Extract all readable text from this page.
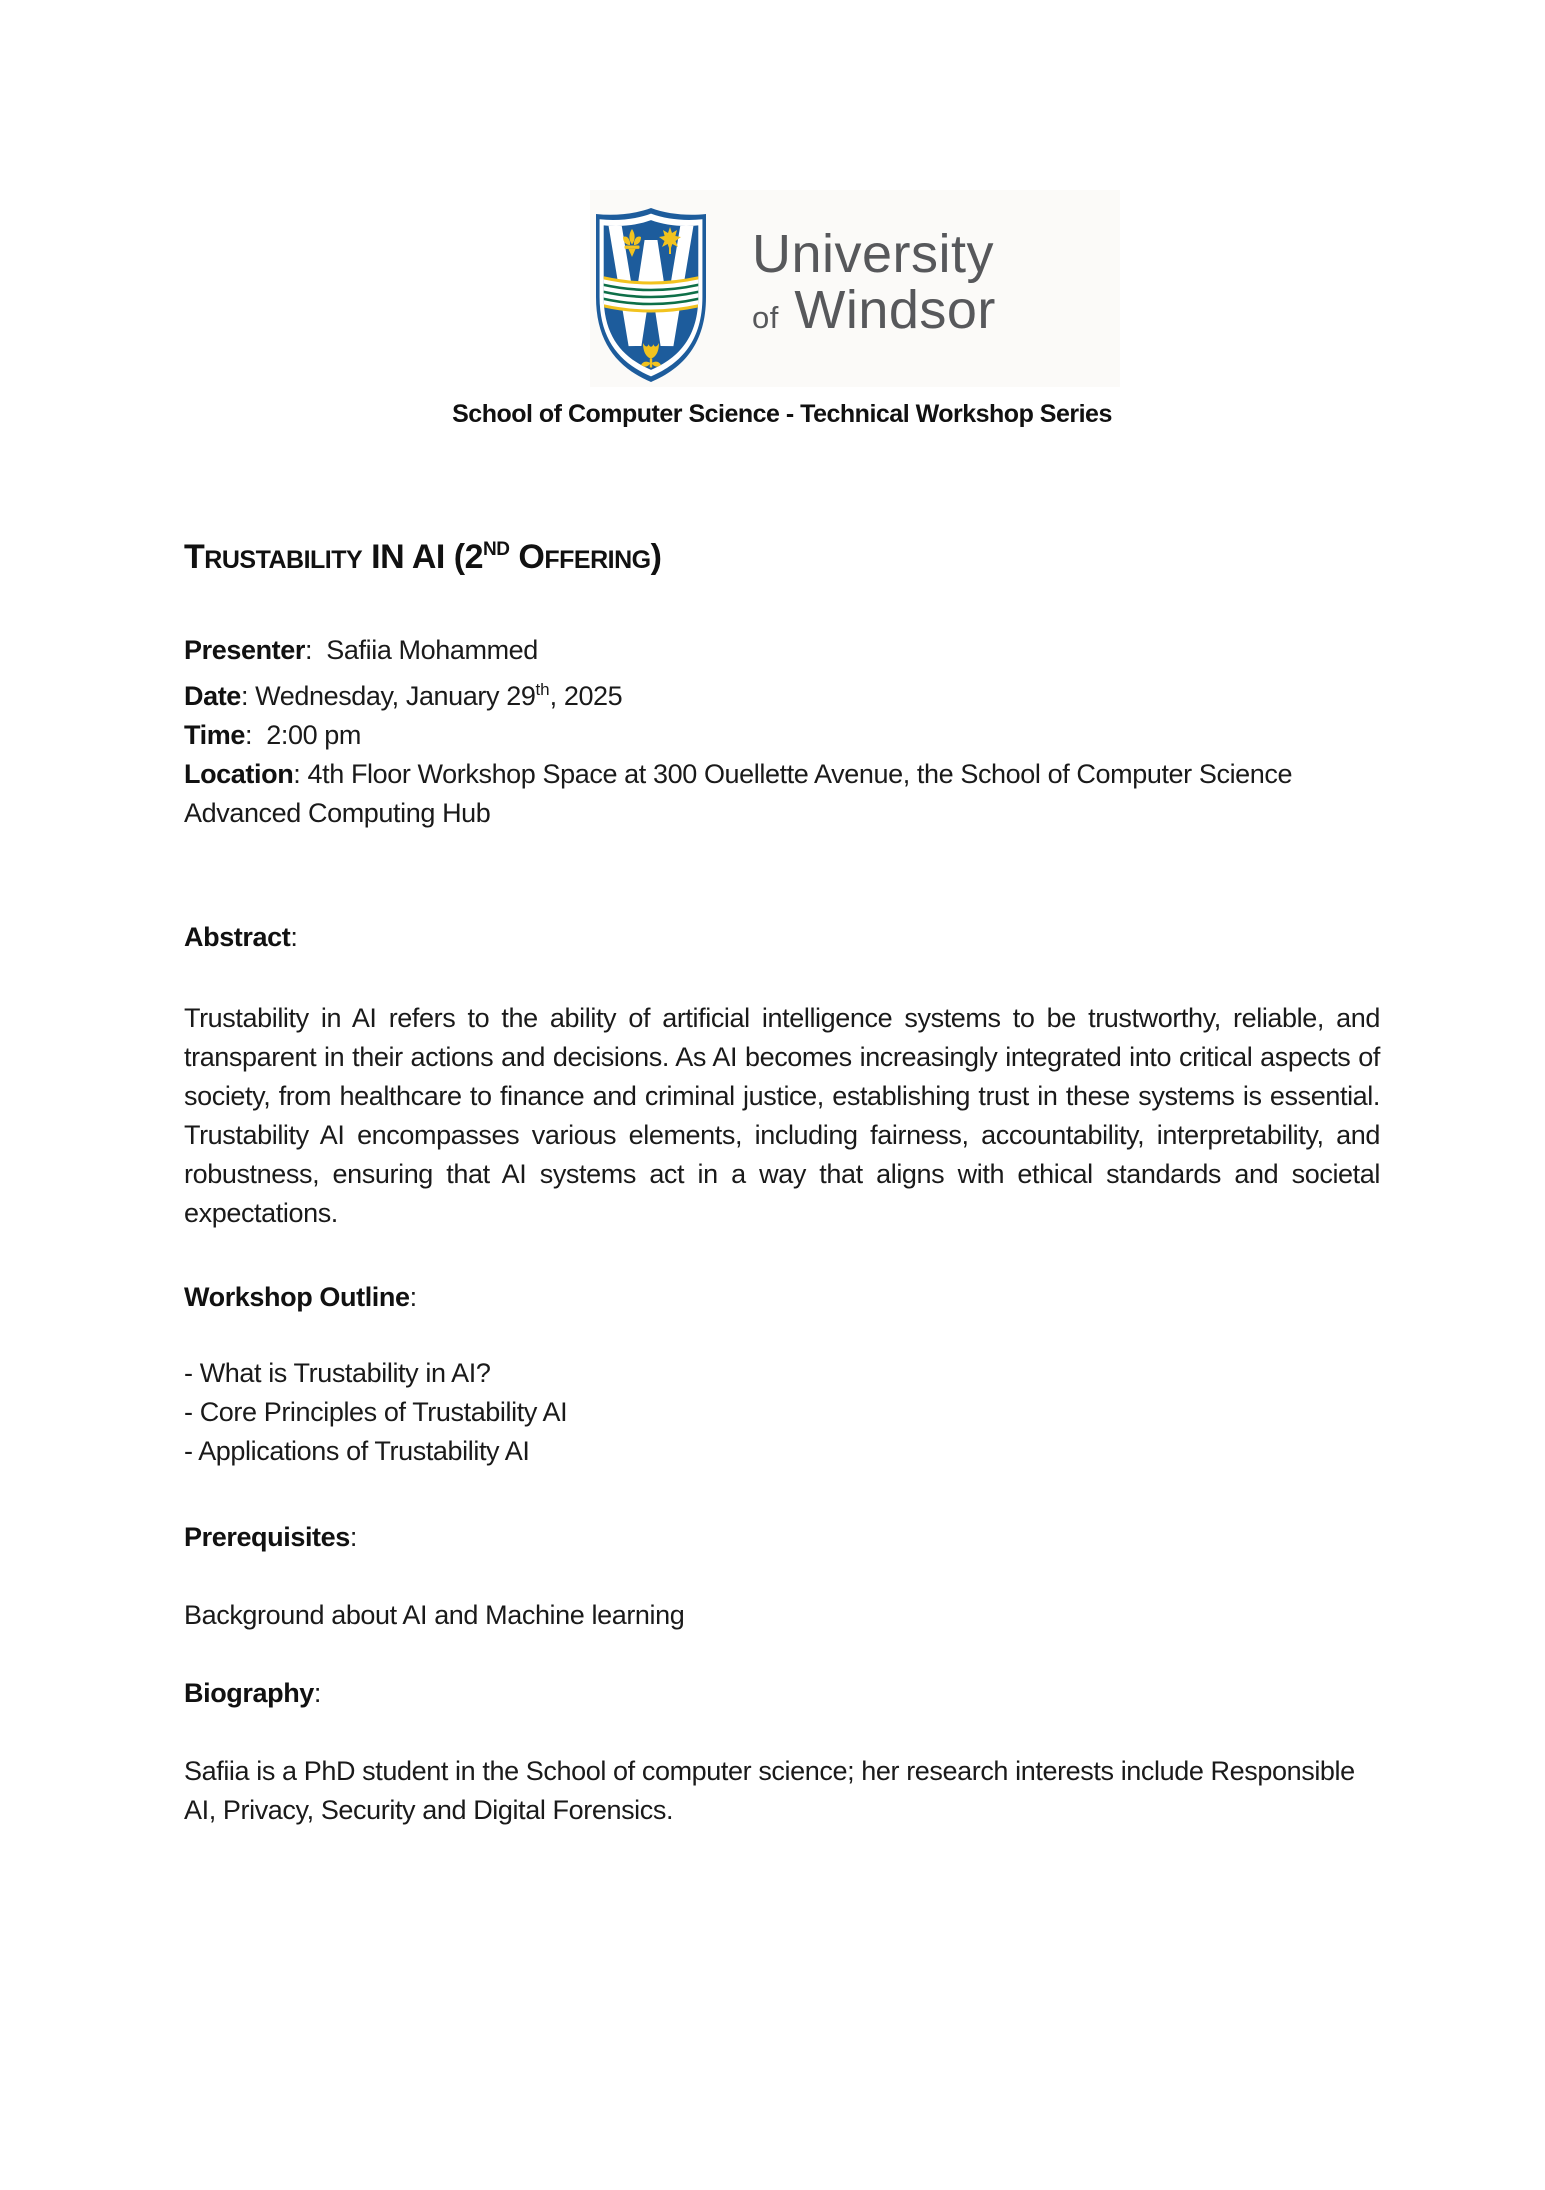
University
of Windsor
School of Computer Science - Technical Workshop Series
TRUSTABILITY IN AI (2ND OFFERING)
Presenter:  Safiia Mohammed
Date: Wednesday, January 29th, 2025
Time:  2:00 pm
Location: 4th Floor Workshop Space at 300 Ouellette Avenue, the School of Computer Science Advanced Computing Hub
Abstract:

Trustability in AI refers to the ability of artificial intelligence systems to be trustworthy, reliable, and transparent in their actions and decisions. As AI becomes increasingly integrated into critical aspects of society, from healthcare to finance and criminal justice, establishing trust in these systems is essential. Trustability AI encompasses various elements, including fairness, accountability, interpretability, and robustness, ensuring that AI systems act in a way that aligns with ethical standards and societal expectations.

Workshop Outline:
- What is Trustability in AI?
- Core Principles of Trustability AI
- Applications of Trustability AI
Prerequisites:

Background about AI and Machine learning

Biography:

Safiia is a PhD student in the School of computer science; her research interests include Responsible AI, Privacy, Security and Digital Forensics.
